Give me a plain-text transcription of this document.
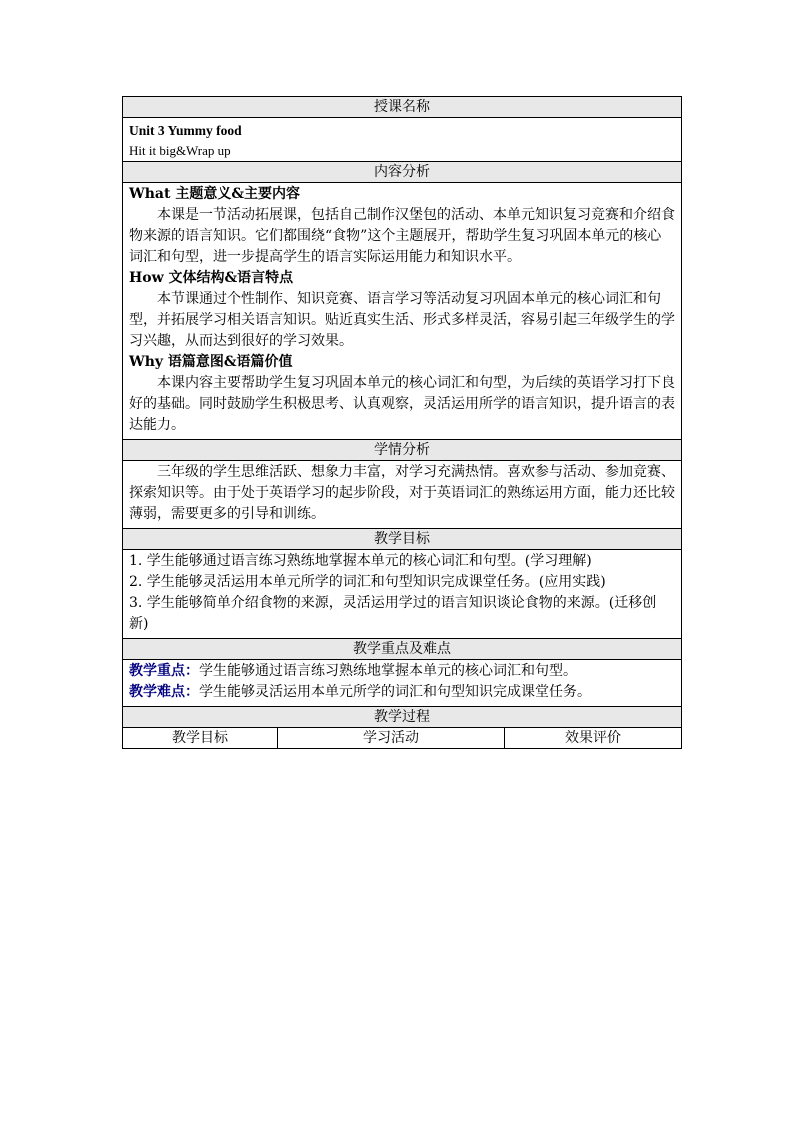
授课名称

Unit 3 Yummy food

Hit it big&Wrap up

内容分析

What 主题意义&主要内容

本课是一节活动拓展课，包括自己制作汉堡包的活动、本单元知识复习竞赛和介绍食物来源的语言知识。它们都围绕“食物”这个主题展开，帮助学生复习巩固本单元的核心词汇和句型，进一步提高学生的语言实际运用能力和知识水平。

How 文体结构&语言特点

本节课通过个性制作、知识竞赛、语言学习等活动复习巩固本单元的核心词汇和句型，并拓展学习相关语言知识。贴近真实生活、形式多样灵活，容易引起三年级学生的学习兴趣，从而达到很好的学习效果。

Why 语篇意图&语篇价值

本课内容主要帮助学生复习巩固本单元的核心词汇和句型，为后续的英语学习打下良好的基础。同时鼓励学生积极思考、认真观察，灵活运用所学的语言知识，提升语言的表达能力。

学情分析

三年级的学生思维活跃、想象力丰富，对学习充满热情。喜欢参与活动、参加竞赛、探索知识等。由于处于英语学习的起步阶段，对于英语词汇的熟练运用方面，能力还比较薄弱，需要更多的引导和训练。

教学目标

1. 学生能够通过语言练习熟练地掌握本单元的核心词汇和句型。(学习理解)

2. 学生能够灵活运用本单元所学的词汇和句型知识完成课堂任务。(应用实践)

3. 学生能够简单介绍食物的来源，灵活运用学过的语言知识谈论食物的来源。(迁移创新)

教学重点及难点

教学重点：学生能够通过语言练习熟练地掌握本单元的核心词汇和句型。

教学难点：学生能够灵活运用本单元所学的词汇和句型知识完成课堂任务。

教学过程
教学目标	学习活动	效果评价
